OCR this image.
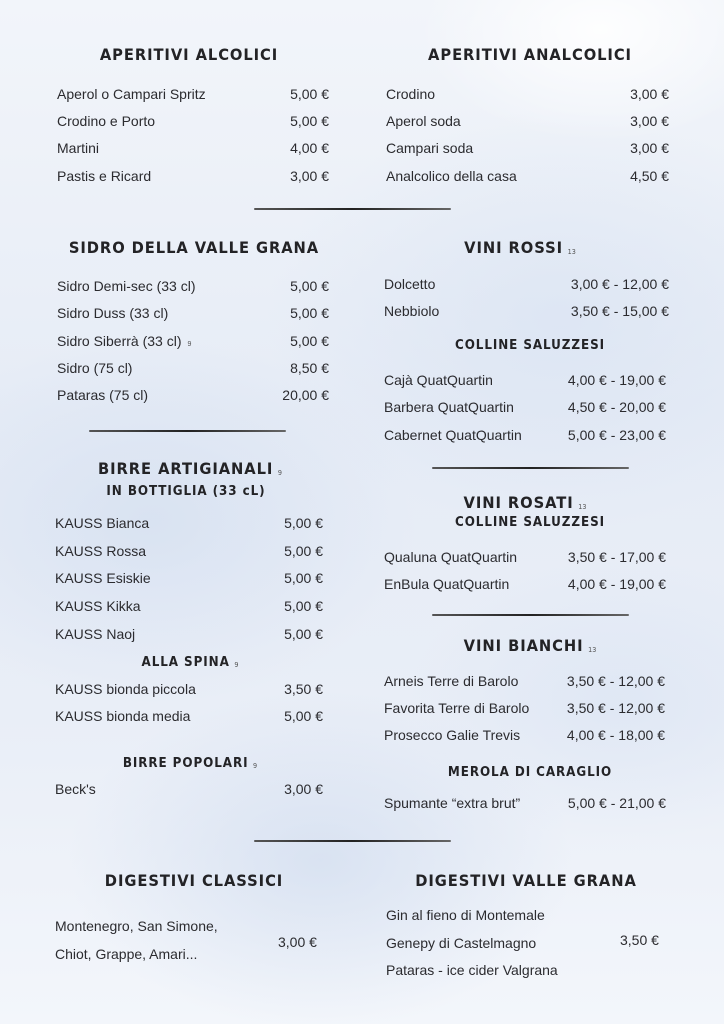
APERITIVI ALCOLICI
Aperol o Campari Spritz	5,00 €
Crodino e Porto	5,00 €
Martini	4,00 €
Pastis e Ricard	3,00 €
APERITIVI ANALCOLICI
Crodino	3,00 €
Aperol soda	3,00 €
Campari soda	3,00 €
Analcolico della casa	4,50 €
SIDRO DELLA VALLE GRANA
Sidro Demi-sec (33 cl)	5,00 €
Sidro Duss (33 cl)	5,00 €
Sidro Siberrà (33 cl) 9	5,00 €
Sidro (75 cl)	8,50 €
Pataras (75 cl)	20,00 €
BIRRE ARTIGIANALI 9
IN BOTTIGLIA (33 cL)
KAUSS Bianca	5,00 €
KAUSS Rossa	5,00 €
KAUSS Esiskie	5,00 €
KAUSS Kikka	5,00 €
KAUSS Naoj	5,00 €
ALLA SPINA 9
KAUSS bionda piccola	3,50 €
KAUSS bionda media	5,00 €
BIRRE POPOLARI 9
Beck's	3,00 €
VINI ROSSI 13
Dolcetto	3,00 € - 12,00 €
Nebbiolo	3,50 € - 15,00 €
COLLINE SALUZZESI
Cajà QuatQuartin	4,00 € - 19,00 €
Barbera QuatQuartin	4,50 € - 20,00 €
Cabernet QuatQuartin	5,00 € - 23,00 €
VINI ROSATI 13
COLLINE SALUZZESI
Qualuna QuatQuartin	3,50 € - 17,00 €
EnBula QuatQuartin	4,00 € - 19,00 €
VINI BIANCHI 13
Arneis Terre di Barolo	3,50 € - 12,00 €
Favorita Terre di Barolo	3,50 € - 12,00 €
Prosecco Galie Trevis	4,00 € - 18,00 €
MEROLA DI CARAGLIO
Spumante “extra brut”	5,00 € - 21,00 €
DIGESTIVI CLASSICI
Montenegro, San Simone,
Chiot, Grappe, Amari...
3,00 €
DIGESTIVI VALLE GRANA
Gin al fieno di Montemale
Genepy di Castelmagno
Pataras - ice cider Valgrana
3,50 €
